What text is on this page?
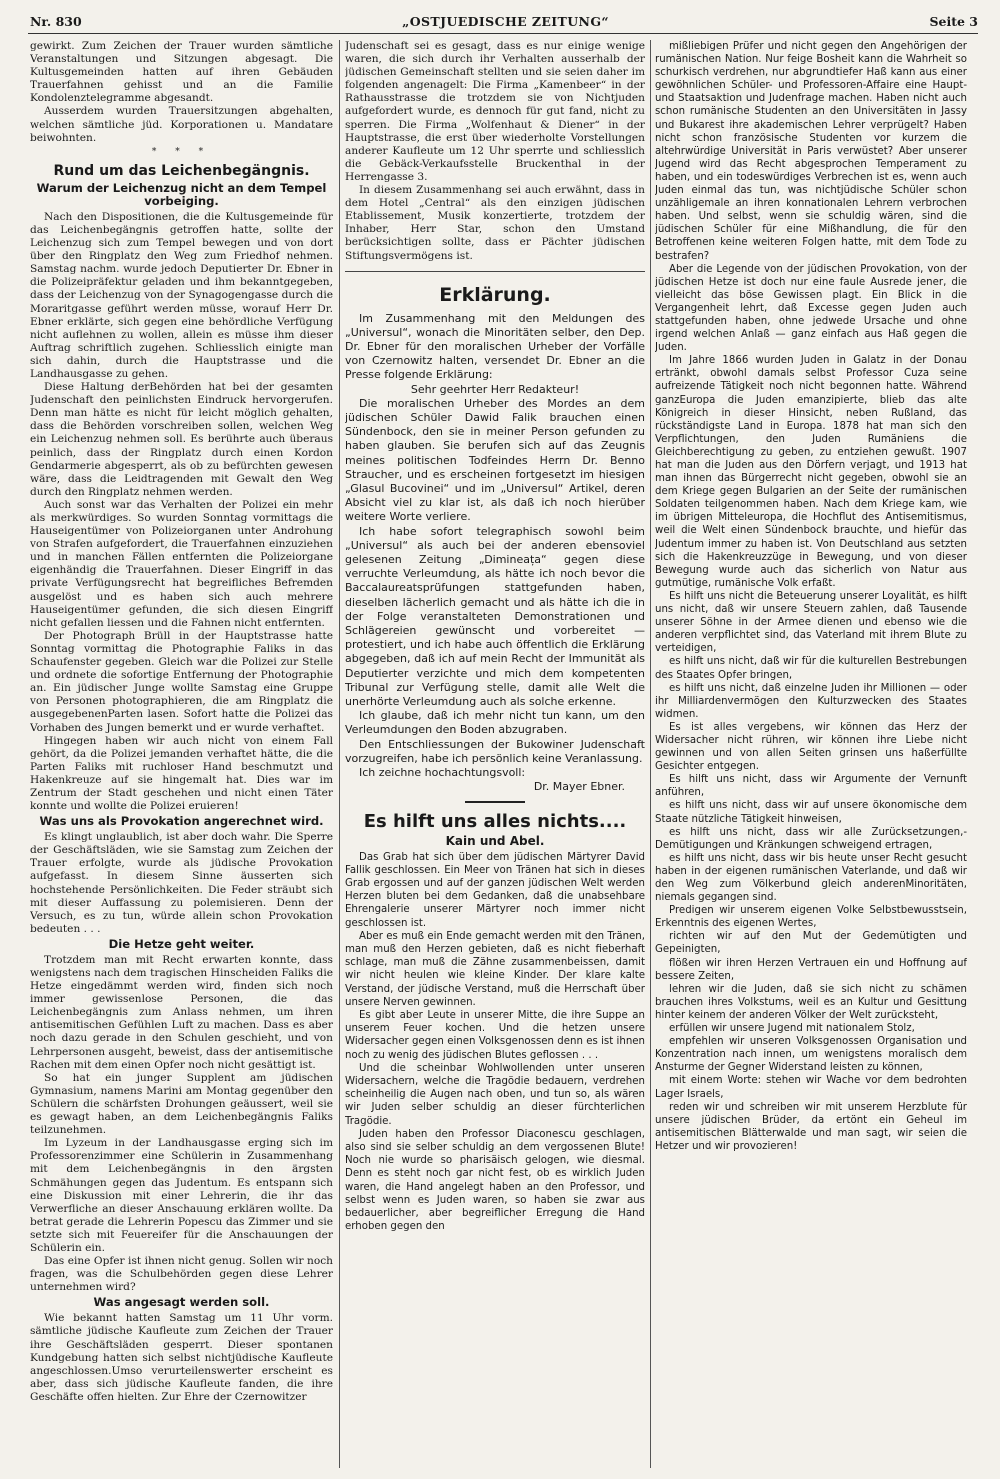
Nr. 830	„OSTJUEDISCHE ZEITUNG“	Seite 3

gewirkt. Zum Zeichen der Trauer wurden sämtliche Veranstaltungen und Sitzungen abgesagt. Die Kultusgemeinden hatten auf ihren Gebäuden Trauerfahnen gehisst und an die Familie Kondolenztelegramme abgesandt.

Ausserdem wurden Trauersitzungen abgehalten, welchen sämtliche jüd. Korporationen u. Mandatare beiwohnten.

* * *
Rund um das Leichenbegängnis.
Warum der Leichenzug nicht an dem Tempel vorbeiging.

Nach den Dispositionen, die die Kultusgemeinde für das Leichenbegängnis getroffen hatte, sollte der Leichenzug sich zum Tempel bewegen und von dort über den Ringplatz den Weg zum Friedhof nehmen. Samstag nachm. wurde jedoch Deputierter Dr. Ebner in die Polizeipräfektur geladen und ihm bekanntgegeben, dass der Leichenzug von der Synagogengasse durch die Moraritgasse geführt werden müsse, worauf Herr Dr. Ebner erklärte, sich gegen eine behördliche Verfügung nicht auflehnen zu wollen, allein es müsse ihm dieser Auftrag schriftlich zugehen. Schliesslich einigte man sich dahin, durch die Hauptstrasse und die Landhausgasse zu gehen.

Diese Haltung derBehörden hat bei der gesamten Judenschaft den peinlichsten Eindruck hervorgerufen. Denn man hätte es nicht für leicht möglich gehalten, dass die Behörden vorschreiben sollen, welchen Weg ein Leichenzug nehmen soll. Es berührte auch überaus peinlich, dass der Ringplatz durch einen Kordon Gendarmerie abgesperrt, als ob zu befürchten gewesen wäre, dass die Leidtragenden mit Gewalt den Weg durch den Ringplatz nehmen werden.

Auch sonst war das Verhalten der Polizei ein mehr als merkwürdiges. So wurden Sonntag vormittags die Hauseigentümer von Polizeiorganen unter Androhung von Strafen aufgefordert, die Trauerfahnen einzuziehen und in manchen Fällen entfernten die Polizeiorgane eigenhändig die Trauerfahnen. Dieser Eingriff in das private Verfügungsrecht hat begreifliches Befremden ausgelöst und es haben sich auch mehrere Hauseigentümer gefunden, die sich diesen Eingriff nicht gefallen liessen und die Fahnen nicht entfernten.

Der Photograph Brüll in der Hauptstrasse hatte Sonntag vormittag die Photographie Faliks in das Schaufenster gegeben. Gleich war die Polizei zur Stelle und ordnete die sofortige Entfernung der Photographie an. Ein jüdischer Junge wollte Samstag eine Gruppe von Personen photographieren, die am Ringplatz die ausgegebenenParten lasen. Sofort hatte die Polizei das Vorhaben des Jungen bemerkt und er wurde verhaftet.

Hingegen haben wir auch nicht von einem Fall gehört, da die Polizei jemanden verhaftet hätte, die die Parten Faliks mit ruchloser Hand beschmutzt und Hakenkreuze auf sie hingemalt hat. Dies war im Zentrum der Stadt geschehen und nicht einen Täter konnte und wollte die Polizei eruieren!

Was uns als Provokation angerechnet wird.

Es klingt unglaublich, ist aber doch wahr. Die Sperre der Geschäftsläden, wie sie Samstag zum Zeichen der Trauer erfolgte, wurde als jüdische Provokation aufgefasst. In diesem Sinne äusserten sich hochstehende Persönlichkeiten. Die Feder sträubt sich mit dieser Auffassung zu polemisieren. Denn der Versuch, es zu tun, würde allein schon Provokation bedeuten . . .

Die Hetze geht weiter.

Trotzdem man mit Recht erwarten konnte, dass wenigstens nach dem tragischen Hinscheiden Faliks die Hetze eingedämmt werden wird, finden sich noch immer gewissenlose Personen, die das Leichenbegängnis zum Anlass nehmen, um ihren antisemitischen Gefühlen Luft zu machen. Dass es aber noch dazu gerade in den Schulen geschieht, und von Lehrpersonen ausgeht, beweist, dass der antisemitische Rachen mit dem einen Opfer noch nicht gesättigt ist.

So hat ein junger Supplent am jüdischen Gymnasium, namens Marini am Montag gegenüber den Schülern die schärfsten Drohungen geäussert, weil sie es gewagt haben, an dem Leichenbegängnis Faliks teilzunehmen.

Im Lyzeum in der Landhausgasse erging sich im Professorenzimmer eine Schülerin in Zusammenhang mit dem Leichenbegängnis in den ärgsten Schmähungen gegen das Judentum. Es entspann sich eine Diskussion mit einer Lehrerin, die ihr das Verwerfliche an dieser Anschauung erklären wollte. Da betrat gerade die Lehrerin Popescu das Zimmer und sie setzte sich mit Feuereifer für die Anschauungen der Schülerin ein.

Das eine Opfer ist ihnen nicht genug. Sollen wir noch fragen, was die Schulbehörden gegen diese Lehrer unternehmen wird?

Was angesagt werden soll.

Wie bekannt hatten Samstag um 11 Uhr vorm. sämtliche jüdische Kaufleute zum Zeichen der Trauer ihre Geschäftsläden gesperrt. Dieser spontanen Kundgebung hatten sich selbst nichtjüdische Kaufleute angeschlossen.Umso verurteilenswerter erscheint es aber, dass sich jüdische Kaufleute fanden, die ihre Geschäfte offen hielten. Zur Ehre der Czernowitzer

Judenschaft sei es gesagt, dass es nur einige wenige waren, die sich durch ihr Verhalten ausserhalb der jüdischen Gemeinschaft stellten und sie seien daher im folgenden angenagelt: Die Firma „Kamenbeer“ in der Rathausstrasse die trotzdem sie von Nichtjuden aufgefordert wurde, es dennoch für gut fand, nicht zu sperren. Die Firma „Wolfenhaut & Diener“ in der Hauptstrasse, die erst über wiederholte Vorstellungen anderer Kaufleute um 12 Uhr sperrte und schliesslich die Gebäck-Verkaufsstelle Bruckenthal in der Herrengasse 3.

In diesem Zusammenhang sei auch erwähnt, dass in dem Hotel „Central“ als den einzigen jüdischen Etablissement, Musik konzertierte, trotzdem der Inhaber, Herr Star, schon den Umstand berücksichtigen sollte, dass er Pächter jüdischen Stiftungsvermögens ist.

Erklärung.

Im Zusammenhang mit den Meldungen des „Universul“, wonach die Minoritäten selber, den Dep. Dr. Ebner für den moralischen Urheber der Vorfälle von Czernowitz halten, versendet Dr. Ebner an die Presse folgende Erklärung:

Sehr geehrter Herr Redakteur!

Die moralischen Urheber des Mordes an dem jüdischen Schüler Dawid Falik brauchen einen Sündenbock, den sie in meiner Person gefunden zu haben glauben. Sie berufen sich auf das Zeugnis meines politischen Todfeindes Herrn Dr. Benno Straucher, und es erscheinen fortgesetzt im hiesigen „Glasul Bucovinei“ und im „Universul“ Artikel, deren Absicht viel zu klar ist, als daß ich noch hierüber weitere Worte verliere.

Ich habe sofort telegraphisch sowohl beim „Universul“ als auch bei der anderen ebensoviel gelesenen Zeitung „Dimineața“ gegen diese verruchte Verleumdung, als hätte ich noch bevor die Baccalaureatsprüfungen stattgefunden haben, dieselben lächerlich gemacht und als hätte ich die in der Folge veranstalteten Demonstrationen und Schlägereien gewünscht und vorbereitet — protestiert, und ich habe auch öffentlich die Erklärung abgegeben, daß ich auf mein Recht der Immunität als Deputierter verzichte und mich dem kompetenten Tribunal zur Verfügung stelle, damit alle Welt die unerhörte Verleumdung auch als solche erkenne.

Ich glaube, daß ich mehr nicht tun kann, um den Verleumdungen den Boden abzugraben.

Den Entschliessungen der Bukowiner Judenschaft vorzugreifen, habe ich persönlich keine Veranlassung.

Ich zeichne hochachtungsvoll:

Dr. Mayer Ebner.

Es hilft uns alles nichts....
Kain und Abel.

Das Grab hat sich über dem jüdischen Märtyrer David Fallik geschlossen. Ein Meer von Tränen hat sich in dieses Grab ergossen und auf der ganzen jüdischen Welt werden Herzen bluten bei dem Gedanken, daß die unabsehbare Ehrengalerie unserer Märtyrer noch immer nicht geschlossen ist.

Aber es muß ein Ende gemacht werden mit den Tränen, man muß den Herzen gebieten, daß es nicht fieberhaft schlage, man muß die Zähne zusammenbeissen, damit wir nicht heulen wie kleine Kinder. Der klare kalte Verstand, der jüdische Verstand, muß die Herrschaft über unsere Nerven gewinnen.

Es gibt aber Leute in unserer Mitte, die ihre Suppe an unserem Feuer kochen. Und die hetzen unsere Widersacher gegen einen Volksgenossen denn es ist ihnen noch zu wenig des jüdischen Blutes geflossen . . .

Und die scheinbar Wohlwollenden unter unseren Widersachern, welche die Tragödie bedauern, verdrehen scheinheilig die Augen nach oben, und tun so, als wären wir Juden selber schuldig an dieser fürchterlichen Tragödie.

Juden haben den Professor Diaconescu geschlagen, also sind sie selber schuldig an dem vergossenen Blute! Noch nie wurde so pharisäisch gelogen, wie diesmal. Denn es steht noch gar nicht fest, ob es wirklich Juden waren, die Hand angelegt haben an den Professor, und selbst wenn es Juden waren, so haben sie zwar aus bedauerlicher, aber begreiflicher Erregung die Hand erhoben gegen den

mißliebigen Prüfer und nicht gegen den Angehörigen der rumänischen Nation. Nur feige Bosheit kann die Wahrheit so schurkisch verdrehen, nur abgrundtiefer Haß kann aus einer gewöhnlichen Schüler- und Professoren-Affaire eine Haupt- und Staatsaktion und Judenfrage machen. Haben nicht auch schon rumänische Studenten an den Universitäten in Jassy und Bukarest ihre akademischen Lehrer verprügelt? Haben nicht schon französische Studenten vor kurzem die altehrwürdige Universität in Paris verwüstet? Aber unserer Jugend wird das Recht abgesprochen Temperament zu haben, und ein todeswürdiges Verbrechen ist es, wenn auch Juden einmal das tun, was nichtjüdische Schüler schon unzähligemale an ihren konnationalen Lehrern verbrochen haben. Und selbst, wenn sie schuldig wären, sind die jüdischen Schüler für eine Mißhandlung, die für den Betroffenen keine weiteren Folgen hatte, mit dem Tode zu bestrafen?

Aber die Legende von der jüdischen Provokation, von der jüdischen Hetze ist doch nur eine faule Ausrede jener, die vielleicht das böse Gewissen plagt. Ein Blick in die Vergangenheit lehrt, daß Excesse gegen Juden auch stattgefunden haben, ohne jedwede Ursache und ohne irgend welchen Anlaß — ganz einfach aus Haß gegen die Juden.

Im Jahre 1866 wurden Juden in Galatz in der Donau ertränkt, obwohl damals selbst Professor Cuza seine aufreizende Tätigkeit noch nicht begonnen hatte. Während ganzEuropa die Juden emanzipierte, blieb das alte Königreich in dieser Hinsicht, neben Rußland, das rückständigste Land in Europa. 1878 hat man sich den Verpflichtungen, den Juden Rumäniens die Gleichberechtigung zu geben, zu entziehen gewußt. 1907 hat man die Juden aus den Dörfern verjagt, und 1913 hat man ihnen das Bürgerrecht nicht gegeben, obwohl sie an dem Kriege gegen Bulgarien an der Seite der rumänischen Soldaten teilgenommen haben. Nach dem Kriege kam, wie im übrigen Mitteleuropa, die Hochflut des Antisemitismus, weil die Welt einen Sündenbock brauchte, und hiefür das Judentum immer zu haben ist. Von Deutschland aus setzten sich die Hakenkreuzzüge in Bewegung, und von dieser Bewegung wurde auch das sicherlich von Natur aus gutmütige, rumänische Volk erfaßt.

Es hilft uns nicht die Beteuerung unserer Loyalität, es hilft uns nicht, daß wir unsere Steuern zahlen, daß Tausende unserer Söhne in der Armee dienen und ebenso wie die anderen verpflichtet sind, das Vaterland mit ihrem Blute zu verteidigen,

es hilft uns nicht, daß wir für die kulturellen Bestrebungen des Staates Opfer bringen,

es hilft uns nicht, daß einzelne Juden ihr Millionen — oder ihr Milliardenvermögen den Kulturzwecken des Staates widmen.

Es ist alles vergebens, wir können das Herz der Widersacher nicht rühren, wir können ihre Liebe nicht gewinnen und von allen Seiten grinsen uns haßerfüllte Gesichter entgegen.

Es hilft uns nicht, dass wir Argumente der Vernunft anführen,

es hilft uns nicht, dass wir auf unsere ökonomische dem Staate nützliche Tätigkeit hinweisen,

es hilft uns nicht, dass wir alle Zurücksetzungen,- Demütigungen und Kränkungen schweigend ertragen,

es hilft uns nicht, dass wir bis heute unser Recht gesucht haben in der eigenen rumänischen Vaterlande, und daß wir den Weg zum Völkerbund gleich anderenMinoritäten, niemals gegangen sind.

Predigen wir unserem eigenen Volke Selbstbewusstsein, Erkenntnis des eigenen Wertes,

richten wir auf den Mut der Gedemütigten und Gepeinigten,

flößen wir ihren Herzen Vertrauen ein und Hoffnung auf bessere Zeiten,

lehren wir die Juden, daß sie sich nicht zu schämen brauchen ihres Volkstums, weil es an Kultur und Gesittung hinter keinem der anderen Völker der Welt zurücksteht,

erfüllen wir unsere Jugend mit nationalem Stolz,

empfehlen wir unseren Volksgenossen Organisation und Konzentration nach innen, um wenigstens moralisch dem Ansturme der Gegner Widerstand leisten zu können,

mit einem Worte: stehen wir Wache vor dem bedrohten Lager Israels,

reden wir und schreiben wir mit unserem Herzblute für unsere jüdischen Brüder, da ertönt ein Geheul im antisemitischen Blätterwalde und man sagt, wir seien die Hetzer und wir provozieren!
